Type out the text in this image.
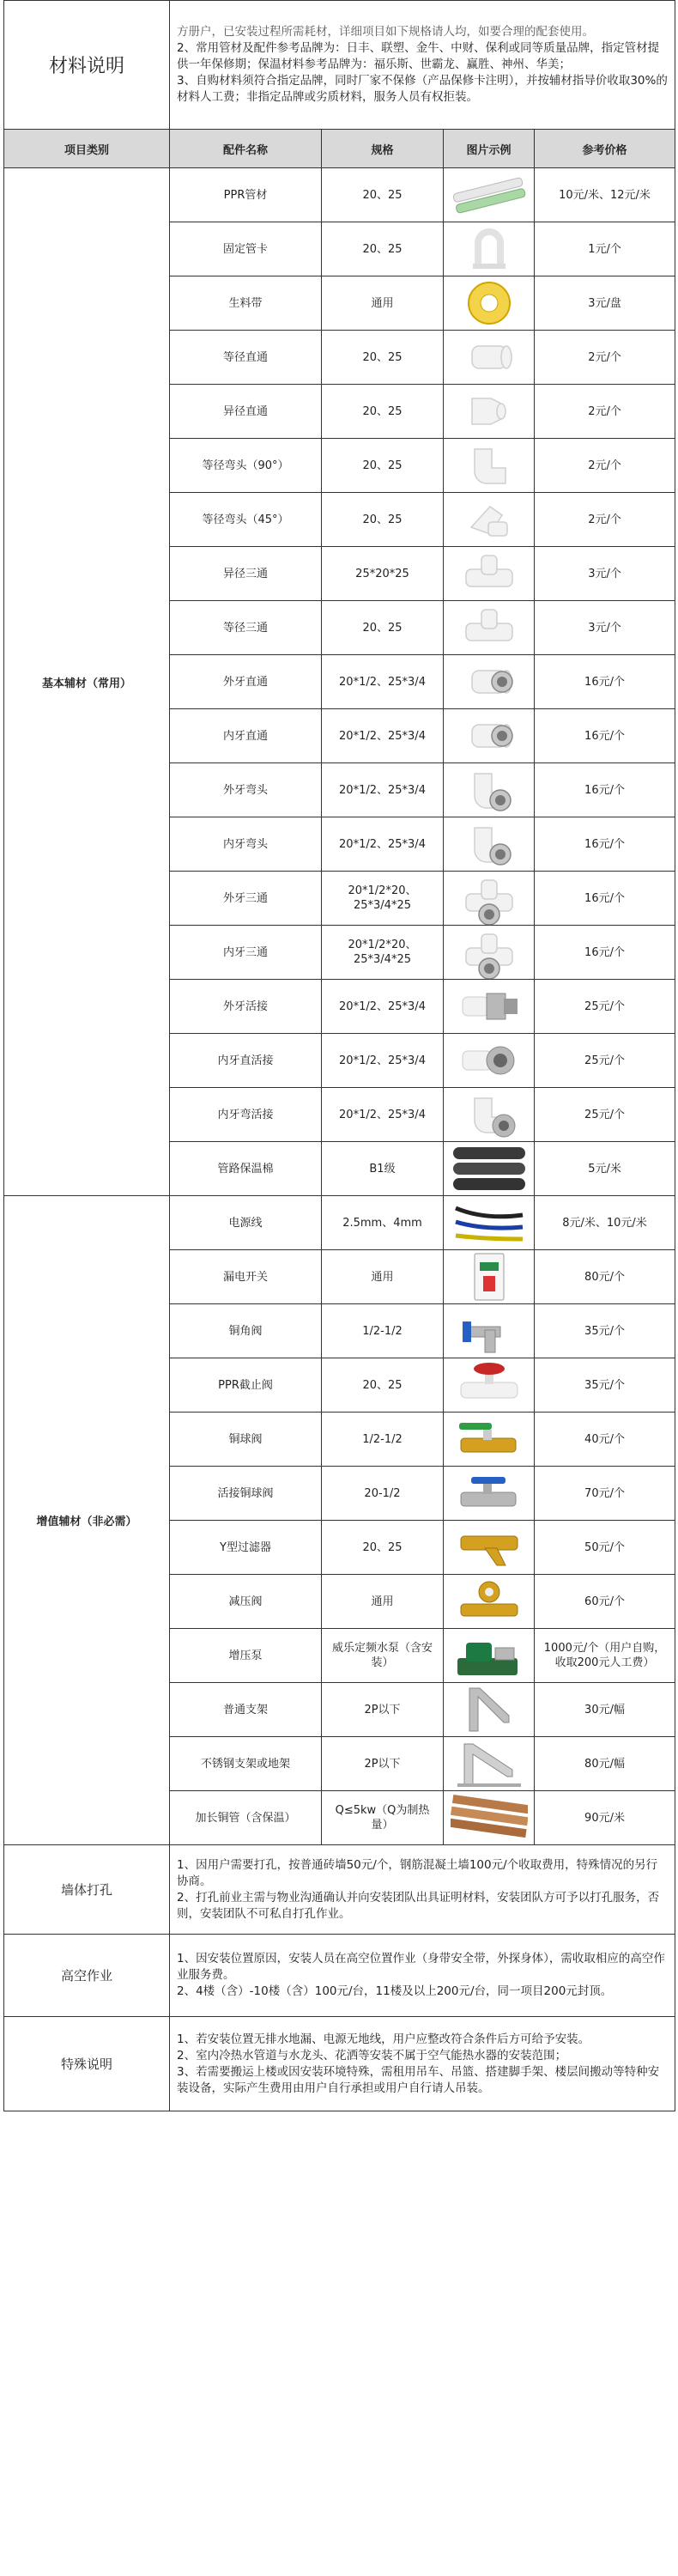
材料说明	方册户，已安装过程所需耗材，详细项目如下规格请人均，如要合理的配套使用。
2、常用管材及配件参考品牌为：日丰、联塑、金牛、中财、保利或同等质量品牌，指定管材提供一年保修期；保温材料参考品牌为：福乐斯、世霸龙、赢胜、神州、华美；
3、自购材料须符合指定品牌，同时厂家不保修（产品保修卡注明），并按辅材指导价收取30%的材料人工费；非指定品牌或劣质材料，服务人员有权拒装。			

项目类别	配件名称	规格	图片示例	参考价格
基本辅材（常用）	PPR管材	20、25		10元/米、12元/米
	固定管卡	20、25		1元/个
	生料带	通用		3元/盘
	等径直通	20、25		2元/个
	异径直通	20、25		2元/个
	等径弯头（90°）	20、25		2元/个
	等径弯头（45°）	20、25		2元/个
	异径三通	25*20*25		3元/个
	等径三通	20、25		3元/个
	外牙直通	20*1/2、25*3/4		16元/个
	内牙直通	20*1/2、25*3/4		16元/个
	外牙弯头	20*1/2、25*3/4		16元/个
	内牙弯头	20*1/2、25*3/4		16元/个
	外牙三通	20*1/2*20、25*3/4*25		16元/个
	内牙三通	20*1/2*20、25*3/4*25		16元/个
	外牙活接	20*1/2、25*3/4		25元/个
	内牙直活接	20*1/2、25*3/4		25元/个
	内牙弯活接	20*1/2、25*3/4		25元/个
	管路保温棉	B1级		5元/米
增值辅材（非必需）	电源线	2.5mm、4mm		8元/米、10元/米
	漏电开关	通用		80元/个
	铜角阀	1/2-1/2		35元/个
	PPR截止阀	20、25		35元/个
	铜球阀	1/2-1/2		40元/个
	活接铜球阀	20-1/2		70元/个
	Y型过滤器	20、25		50元/个
	减压阀	通用		60元/个
	增压泵	威乐定频水泵（含安装）		1000元/个（用户自购，收取200元人工费）
	普通支架	2P以下		30元/幅
	不锈钢支架或地架	2P以下		80元/幅
	加长铜管（含保温）	Q≤5kw（Q为制热量）		90元/米
墙体打孔	1、因用户需要打孔，按普通砖墙50元/个，钢筋混凝土墙100元/个收取费用，特殊情况的另行协商。
2、打孔前业主需与物业沟通确认并向安装团队出具证明材料，安装团队方可予以打孔服务，否则，安装团队不可私自打孔作业。			

高空作业	1、因安装位置原因，安装人员在高空位置作业（身带安全带，外探身体），需收取相应的高空作业服务费。
2、4楼（含）-10楼（含）100元/台，11楼及以上200元/台，同一项目200元封顶。			

特殊说明	1、若安装位置无排水地漏、电源无地线，用户应整改符合条件后方可给予安装。
2、室内冷热水管道与水龙头、花洒等安装不属于空气能热水器的安装范围；
3、若需要搬运上楼或因安装环境特殊，需租用吊车、吊篮、搭建脚手架、楼层间搬动等特种安装设备，实际产生费用由用户自行承担或用户自行请人吊装。			
